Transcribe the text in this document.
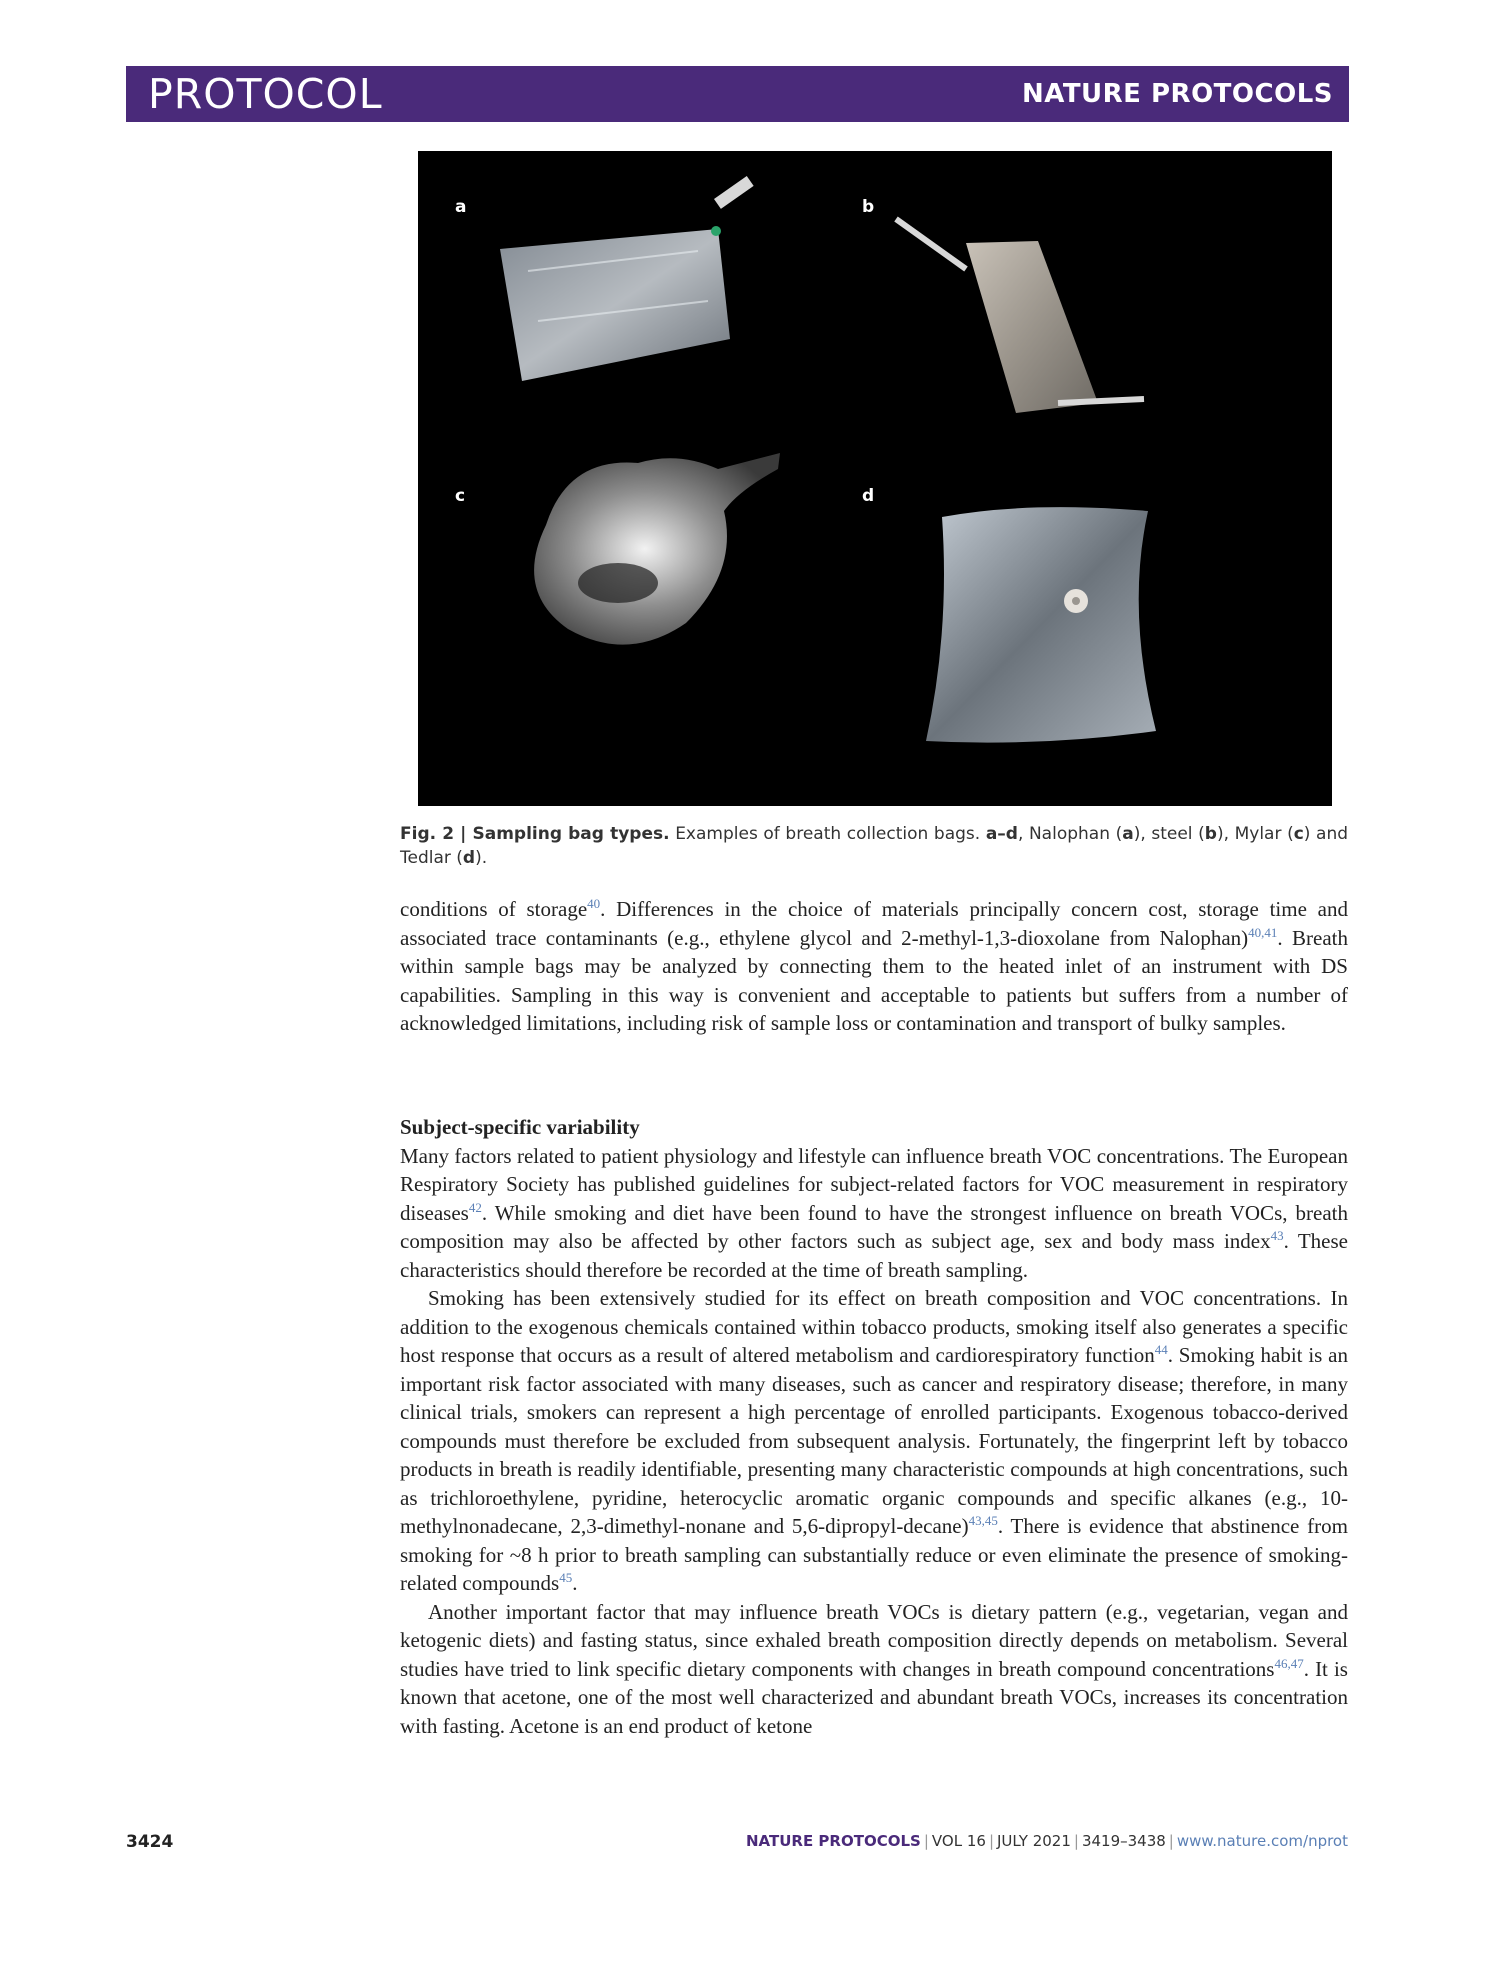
PROTOCOL	NATURE PROTOCOLS
a	b
c	d
Fig. 2 | Sampling bag types. Examples of breath collection bags. a–d, Nalophan (a), steel (b), Mylar (c) and Tedlar (d).

conditions of storage$^{40}$. Differences in the choice of materials principally concern cost, storage time and associated trace contaminants (e.g., ethylene glycol and 2-methyl-1,3-dioxolane from Nalophan)$^{40,41}$. Breath within sample bags may be analyzed by connecting them to the heated inlet of an instrument with DS capabilities. Sampling in this way is convenient and acceptable to patients but suffers from a number of acknowledged limitations, including risk of sample loss or contamination and transport of bulky samples.

Subject-specific variability

Many factors related to patient physiology and lifestyle can influence breath VOC concentrations. The European Respiratory Society has published guidelines for subject-related factors for VOC measurement in respiratory diseases$^{42}$. While smoking and diet have been found to have the strongest influence on breath VOCs, breath composition may also be affected by other factors such as subject age, sex and body mass index$^{43}$. These characteristics should therefore be recorded at the time of breath sampling.

Smoking has been extensively studied for its effect on breath composition and VOC concentrations. In addition to the exogenous chemicals contained within tobacco products, smoking itself also generates a specific host response that occurs as a result of altered metabolism and cardiorespiratory function$^{44}$. Smoking habit is an important risk factor associated with many diseases, such as cancer and respiratory disease; therefore, in many clinical trials, smokers can represent a high percentage of enrolled participants. Exogenous tobacco-derived compounds must therefore be excluded from subsequent analysis. Fortunately, the fingerprint left by tobacco products in breath is readily identifiable, presenting many characteristic compounds at high concentrations, such as trichloroethylene, pyridine, heterocyclic aromatic organic compounds and specific alkanes (e.g., 10-methylnonadecane, 2,3-dimethyl-nonane and 5,6-dipropyl-decane)$^{43,45}$. There is evidence that abstinence from smoking for ~8 h prior to breath sampling can substantially reduce or even eliminate the presence of smoking-related compounds$^{45}$.

Another important factor that may influence breath VOCs is dietary pattern (e.g., vegetarian, vegan and ketogenic diets) and fasting status, since exhaled breath composition directly depends on metabolism. Several studies have tried to link specific dietary components with changes in breath compound concentrations$^{46,47}$. It is known that acetone, one of the most well characterized and abundant breath VOCs, increases its concentration with fasting. Acetone is an end product of ketone

3424	NATURE PROTOCOLS | VOL 16 | JULY 2021 | 3419–3438 | www.nature.com/nprot
